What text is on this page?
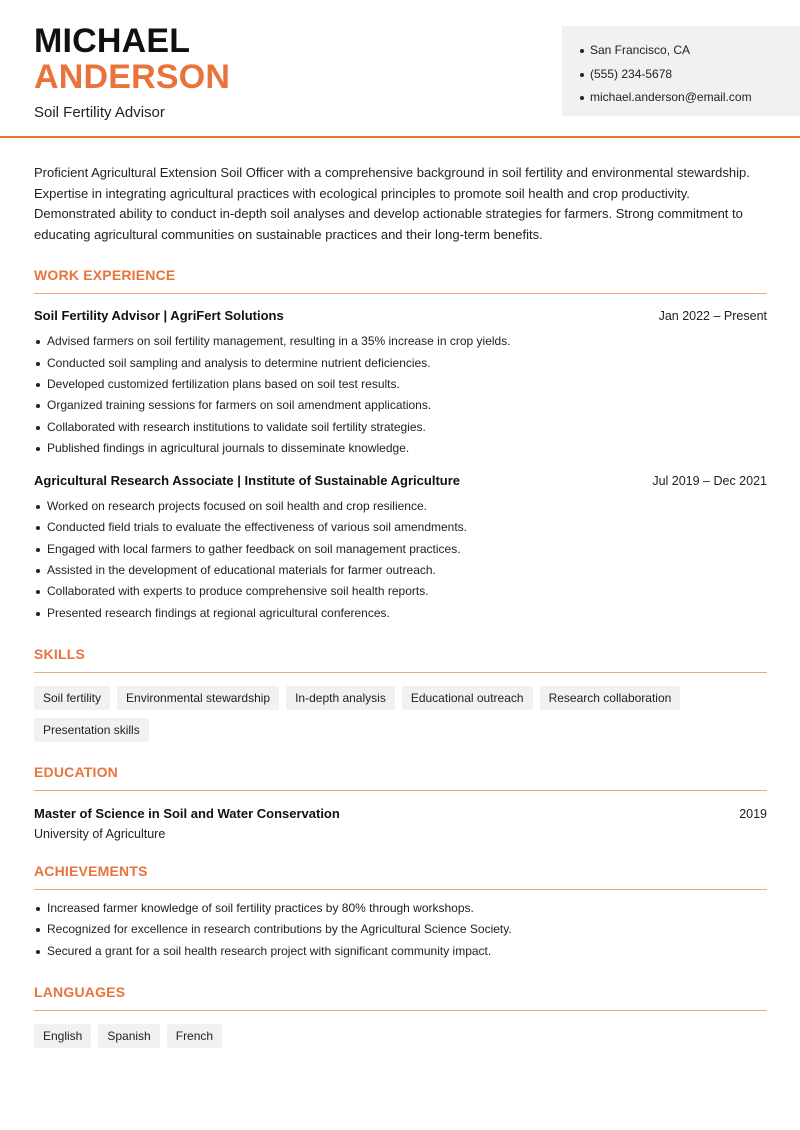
MICHAEL
ANDERSON
Soil Fertility Advisor
San Francisco, CA
(555) 234-5678
michael.anderson@email.com

Proficient Agricultural Extension Soil Officer with a comprehensive background in soil fertility and environmental stewardship. Expertise in integrating agricultural practices with ecological principles to promote soil health and crop productivity. Demonstrated ability to conduct in-depth soil analyses and develop actionable strategies for farmers. Strong commitment to educating agricultural communities on sustainable practices and their long-term benefits.

WORK EXPERIENCE
Soil Fertility Advisor | AgriFert Solutions	Jan 2022 – Present
Advised farmers on soil fertility management, resulting in a 35% increase in crop yields.
Conducted soil sampling and analysis to determine nutrient deficiencies.
Developed customized fertilization plans based on soil test results.
Organized training sessions for farmers on soil amendment applications.
Collaborated with research institutions to validate soil fertility strategies.
Published findings in agricultural journals to disseminate knowledge.
Agricultural Research Associate | Institute of Sustainable Agriculture	Jul 2019 – Dec 2021
Worked on research projects focused on soil health and crop resilience.
Conducted field trials to evaluate the effectiveness of various soil amendments.
Engaged with local farmers to gather feedback on soil management practices.
Assisted in the development of educational materials for farmer outreach.
Collaborated with experts to produce comprehensive soil health reports.
Presented research findings at regional agricultural conferences.
SKILLS
Soil fertility	Environmental stewardship	In-depth analysis	Educational outreach	Research collaboration
Presentation skills
EDUCATION
Master of Science in Soil and Water Conservation	2019
University of Agriculture
ACHIEVEMENTS
Increased farmer knowledge of soil fertility practices by 80% through workshops.
Recognized for excellence in research contributions by the Agricultural Science Society.
Secured a grant for a soil health research project with significant community impact.
LANGUAGES
English	Spanish	French
